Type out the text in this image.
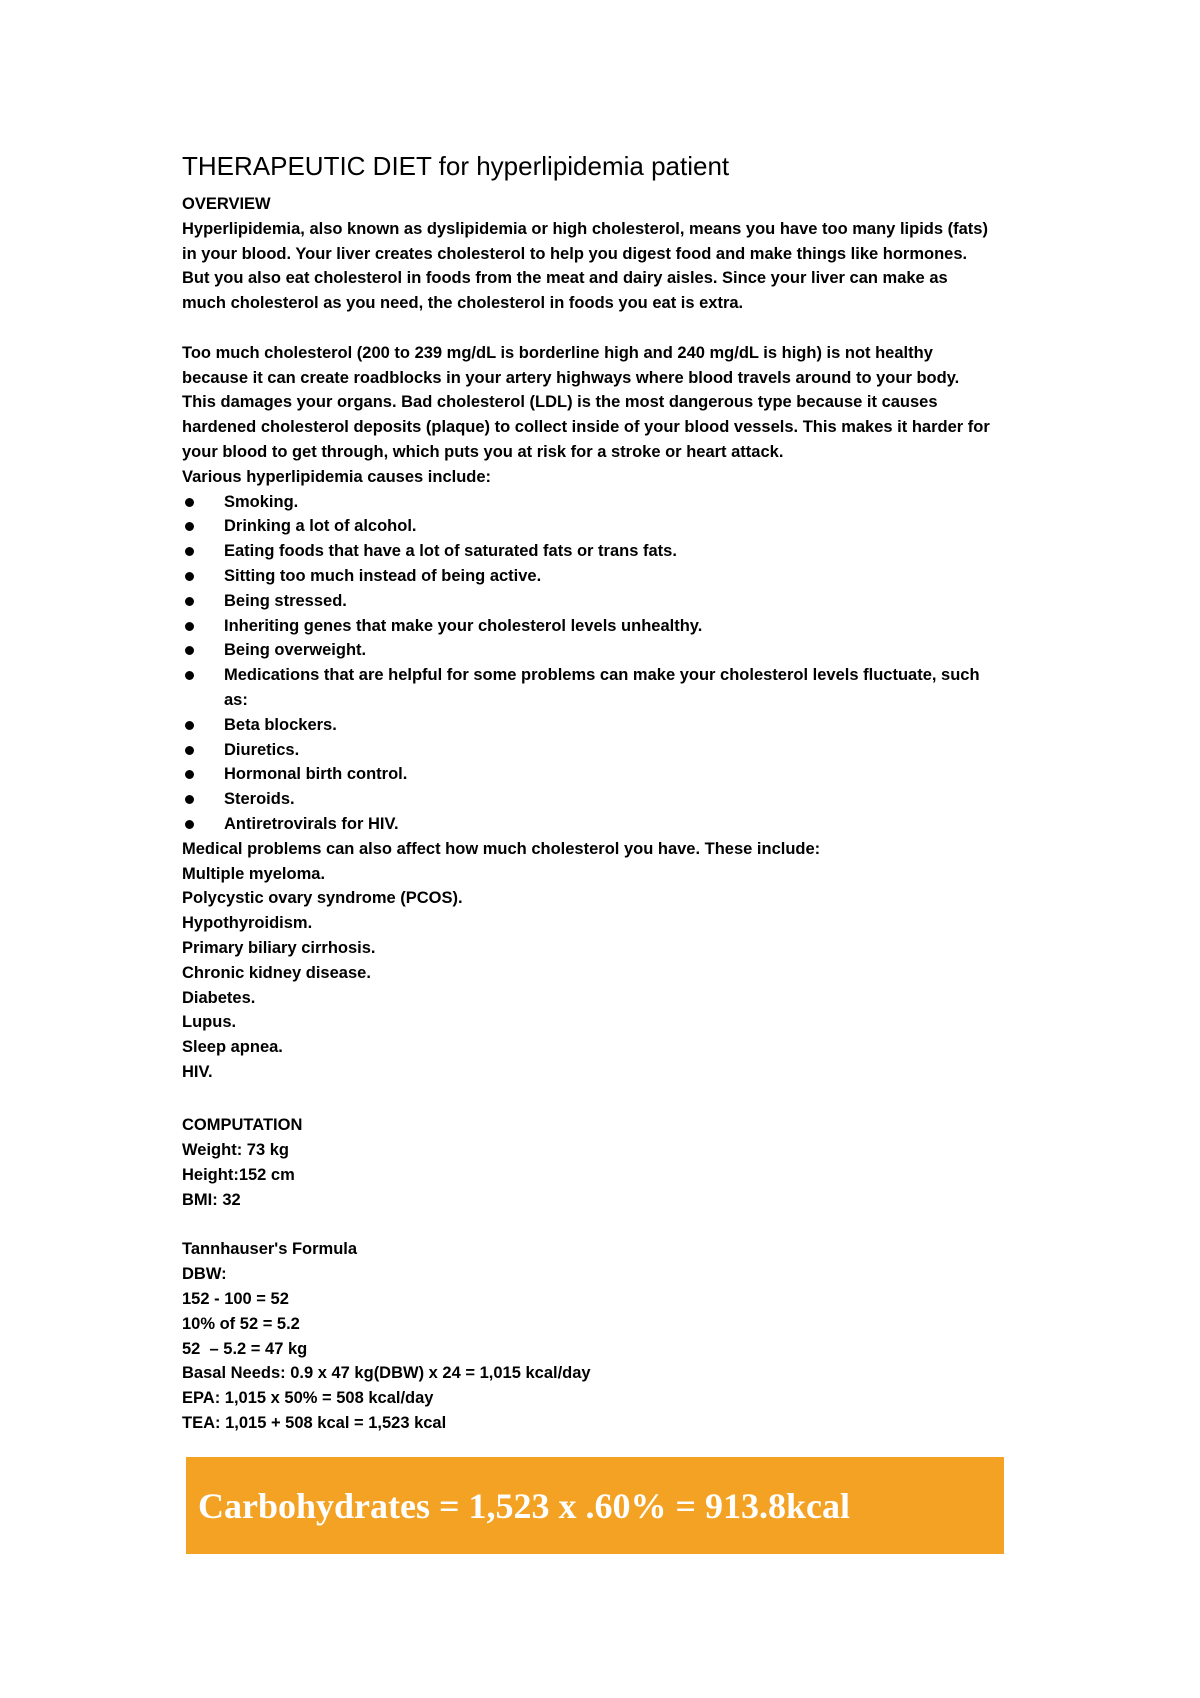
THERAPEUTIC DIET for hyperlipidemia patient

OVERVIEW

Hyperlipidemia, also known as dyslipidemia or high cholesterol, means you have too many lipids (fats)

in your blood. Your liver creates cholesterol to help you digest food and make things like hormones.

But you also eat cholesterol in foods from the meat and dairy aisles. Since your liver can make as

much cholesterol as you need, the cholesterol in foods you eat is extra.

Too much cholesterol (200 to 239 mg/dL is borderline high and 240 mg/dL is high) is not healthy

because it can create roadblocks in your artery highways where blood travels around to your body.

This damages your organs. Bad cholesterol (LDL) is the most dangerous type because it causes

hardened cholesterol deposits (plaque) to collect inside of your blood vessels. This makes it harder for

your blood to get through, which puts you at risk for a stroke or heart attack.

Various hyperlipidemia causes include:

Smoking.
Drinking a lot of alcohol.
Eating foods that have a lot of saturated fats or trans fats.
Sitting too much instead of being active.
Being stressed.
Inheriting genes that make your cholesterol levels unhealthy.
Being overweight.
Medications that are helpful for some problems can make your cholesterol levels fluctuate, such as:
Beta blockers.
Diuretics.
Hormonal birth control.
Steroids.
Antiretrovirals for HIV.

Medical problems can also affect how much cholesterol you have. These include:

Multiple myeloma.

Polycystic ovary syndrome (PCOS).

Hypothyroidism.

Primary biliary cirrhosis.

Chronic kidney disease.

Diabetes.

Lupus.

Sleep apnea.

HIV.

COMPUTATION

Weight: 73 kg

Height:152 cm

BMI: 32

Tannhauser's Formula

DBW:

152 - 100 = 52

10% of 52 = 5.2

52  – 5.2 = 47 kg

Basal Needs: 0.9 x 47 kg(DBW) x 24 = 1,015 kcal/day

EPA: 1,015 x 50% = 508 kcal/day

TEA: 1,015 + 508 kcal = 1,523 kcal

Carbohydrates = 1,523 x .60% = 913.8kcal
